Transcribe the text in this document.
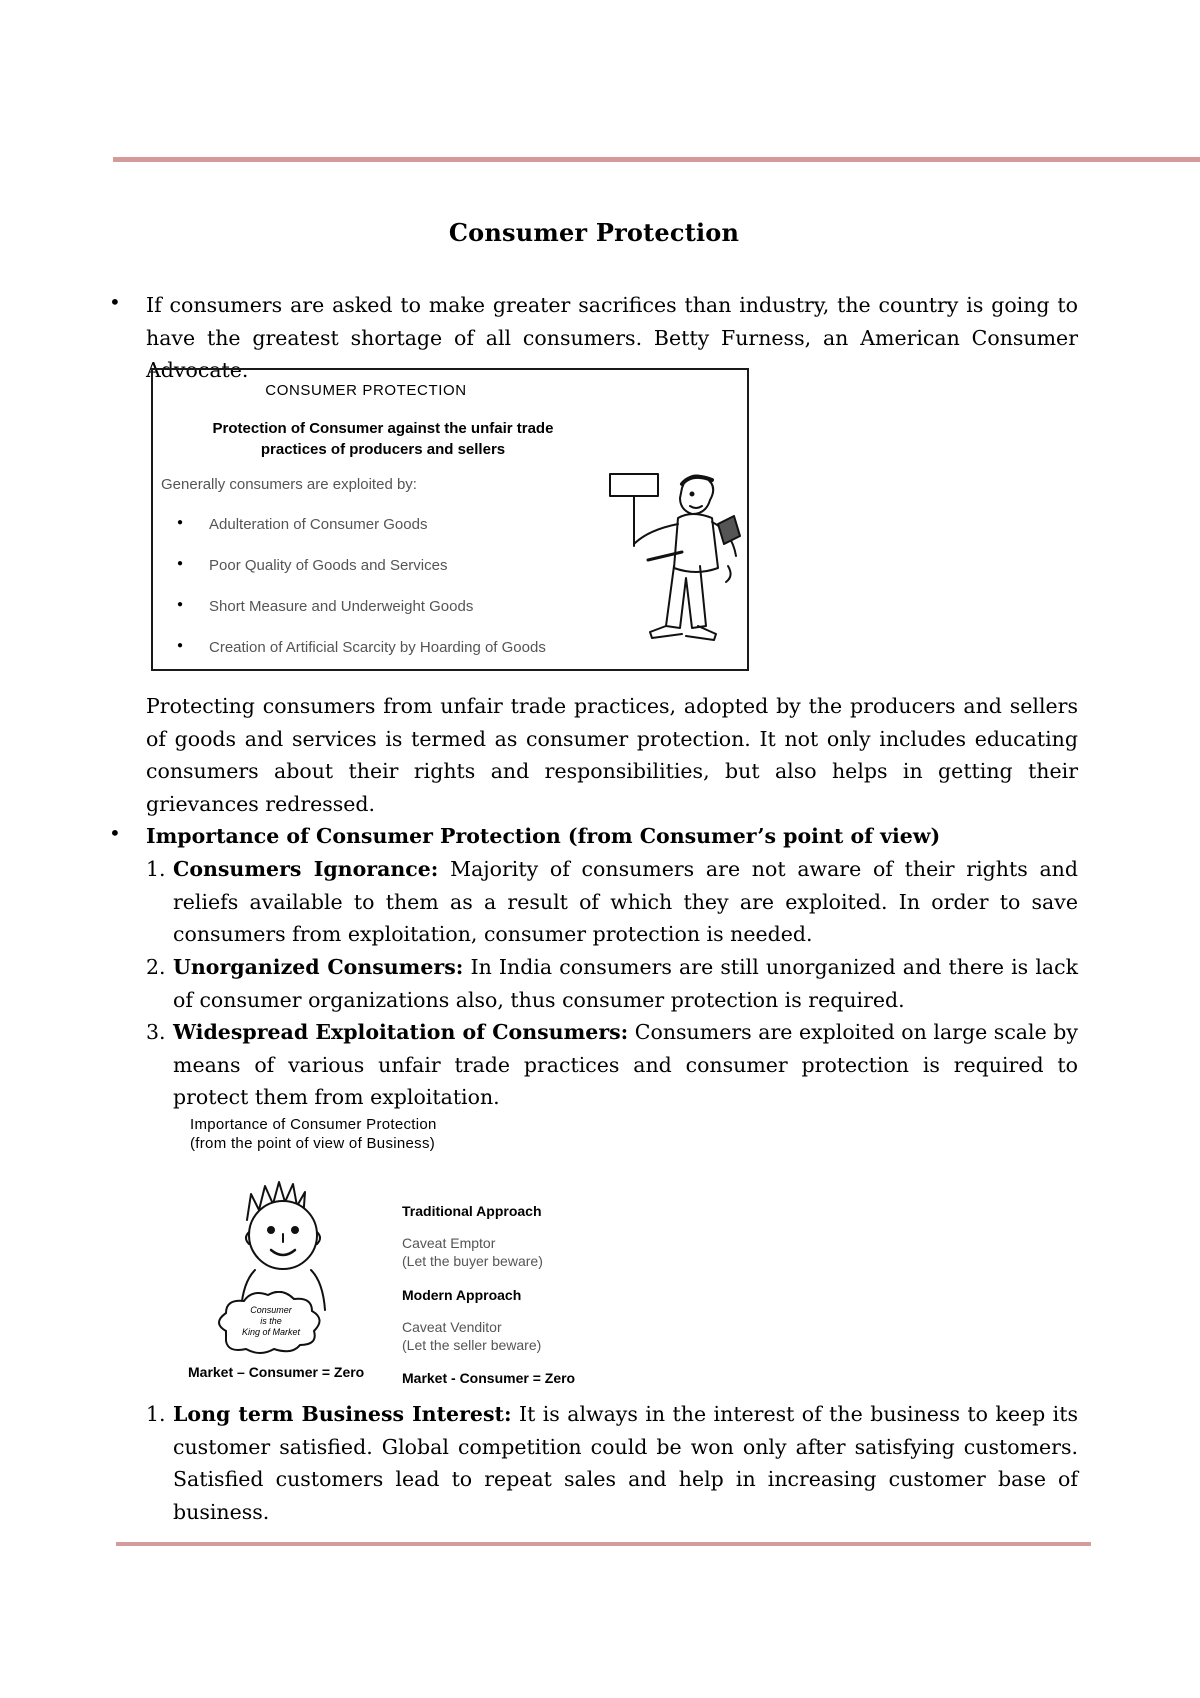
Consumer Protection
• If consumers are asked to make greater sacrifices than industry, the country is going to have the greatest shortage of all consumers. Betty Furness, an American Consumer Advocate.
CONSUMER PROTECTION
Protection of Consumer against the unfair trade
practices of producers and sellers
Generally consumers are exploited by:
● Adulteration of Consumer Goods
● Poor Quality of Goods and Services
● Short Measure and Underweight Goods
● Creation of Artificial Scarcity by Hoarding of Goods
Protecting consumers from unfair trade practices, adopted by the producers and sellers of goods and services is termed as consumer protection. It not only includes educating consumers about their rights and responsibilities, but also helps in getting their grievances redressed.
• Importance of Consumer Protection (from Consumer’s point of view)
1. Consumers Ignorance: Majority of consumers are not aware of their rights and reliefs available to them as a result of which they are exploited. In order to save consumers from exploitation, consumer protection is needed.
2. Unorganized Consumers: In India consumers are still unorganized and there is lack of consumer organizations also, thus consumer protection is required.
3. Widespread Exploitation of Consumers: Consumers are exploited on large scale by means of various unfair trade practices and consumer protection is required to protect them from exploitation.
Importance of Consumer Protection
(from the point of view of Business)
Consumer
is the
King of Market
Market – Consumer = Zero
Traditional Approach
Caveat Emptor
(Let the buyer beware)
Modern Approach
Caveat Venditor
(Let the seller beware)
Market - Consumer = Zero
1. Long term Business Interest: It is always in the interest of the business to keep its customer satisfied. Global competition could be won only after satisfying customers. Satisfied customers lead to repeat sales and help in increasing customer base of business.
